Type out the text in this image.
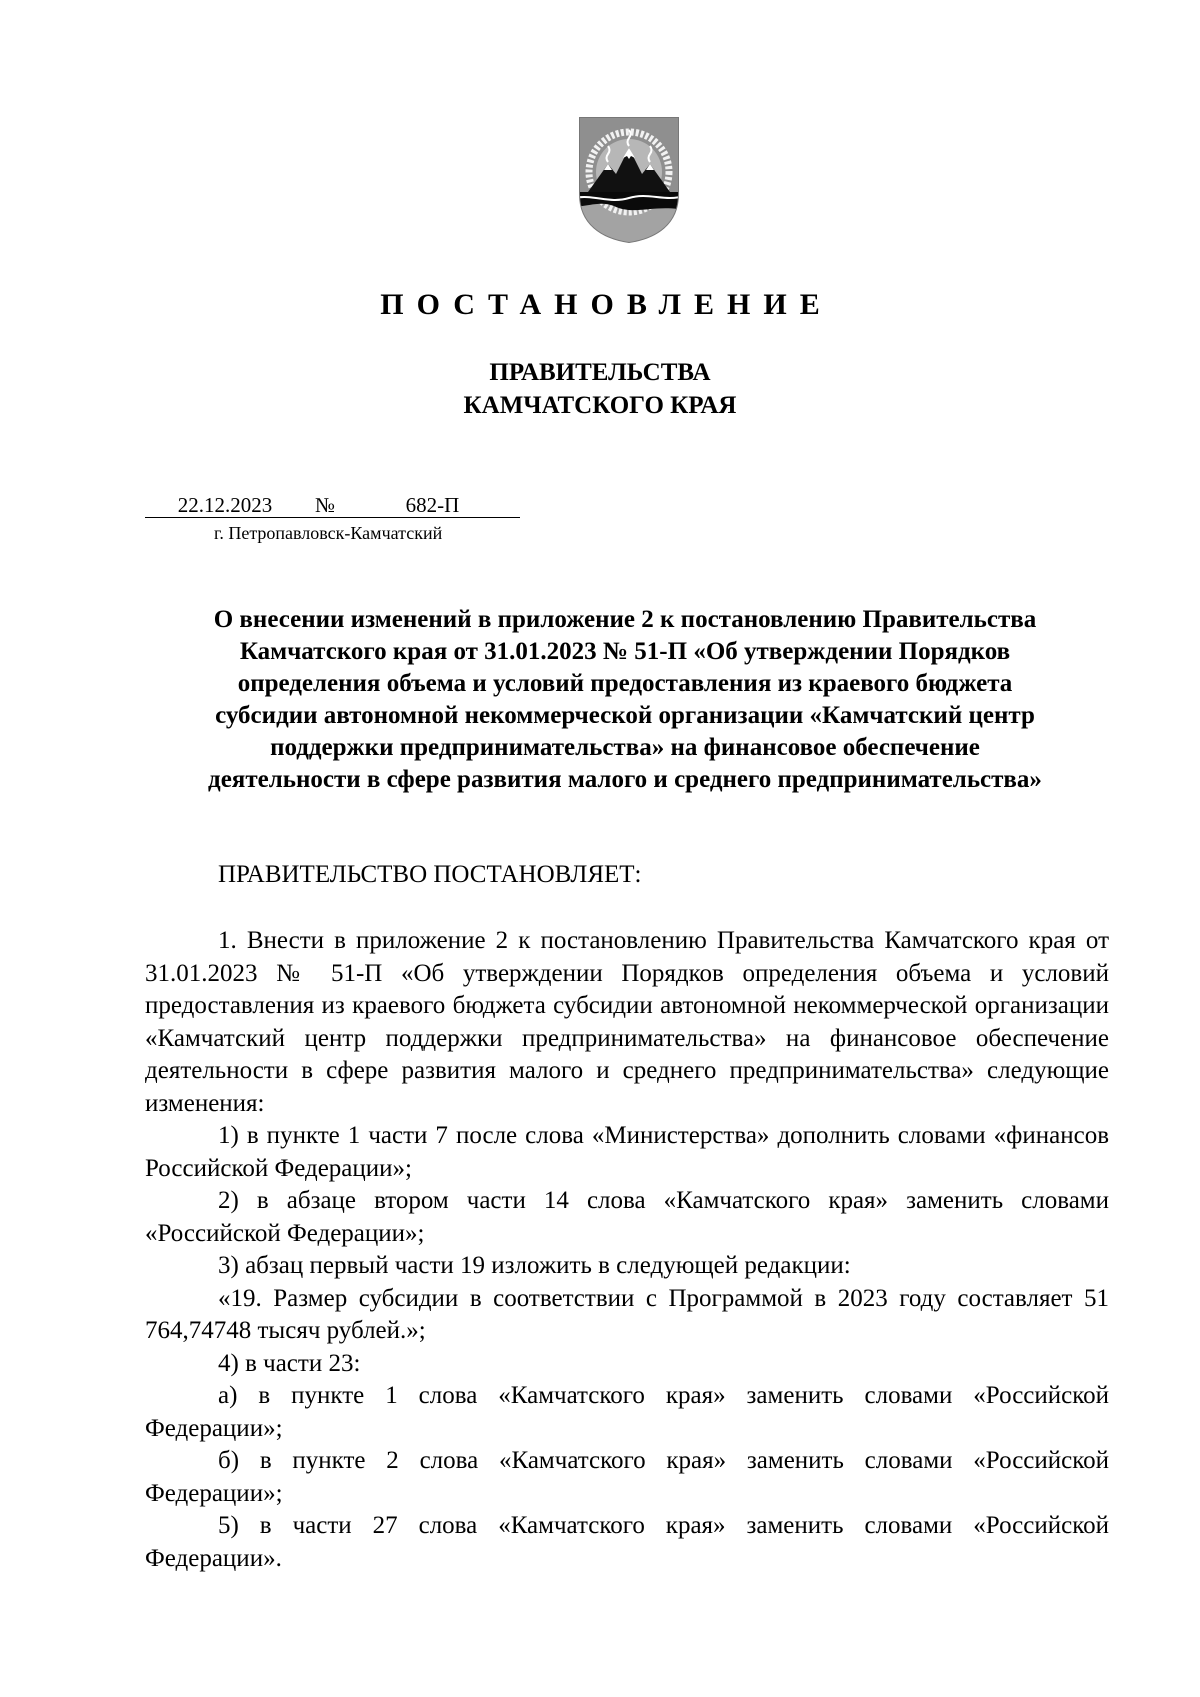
ПОСТАНОВЛЕНИЕ
ПРАВИТЕЛЬСТВА
КАМЧАТСКОГО КРАЯ
22.12.2023 №	682-П
г. Петропавловск-Камчатский
О внесении изменений в приложение 2 к постановлению Правительства
Камчатского края от 31.01.2023 № 51-П «Об утверждении Порядков
определения объема и условий предоставления из краевого бюджета
субсидии автономной некоммерческой организации «Камчатский центр
поддержки предпринимательства» на финансовое обеспечение
деятельности в сфере развития малого и среднего предпринимательства»
ПРАВИТЕЛЬСТВО ПОСТАНОВЛЯЕТ:

1. Внести в приложение 2 к постановлению Правительства Камчатского края от 31.01.2023 № 51-П «Об утверждении Порядков определения объема и условий предоставления из краевого бюджета субсидии автономной некоммерческой организации «Камчатский центр поддержки предпринимательства» на финансовое обеспечение деятельности в сфере развития малого и среднего предпринимательства» следующие изменения:

1) в пункте 1 части 7 после слова «Министерства» дополнить словами «финансов Российской Федерации»;

2) в абзаце втором части 14 слова «Камчатского края» заменить словами «Российской Федерации»;

3) абзац первый части 19 изложить в следующей редакции:

«19. Размер субсидии в соответствии с Программой в 2023 году составляет 51 764,74748 тысяч рублей.»;

4) в части 23:

а) в пункте 1 слова «Камчатского края» заменить словами «Российской Федерации»;

б) в пункте 2 слова «Камчатского края» заменить словами «Российской Федерации»;

5) в части 27 слова «Камчатского края» заменить словами «Российской Федерации».
